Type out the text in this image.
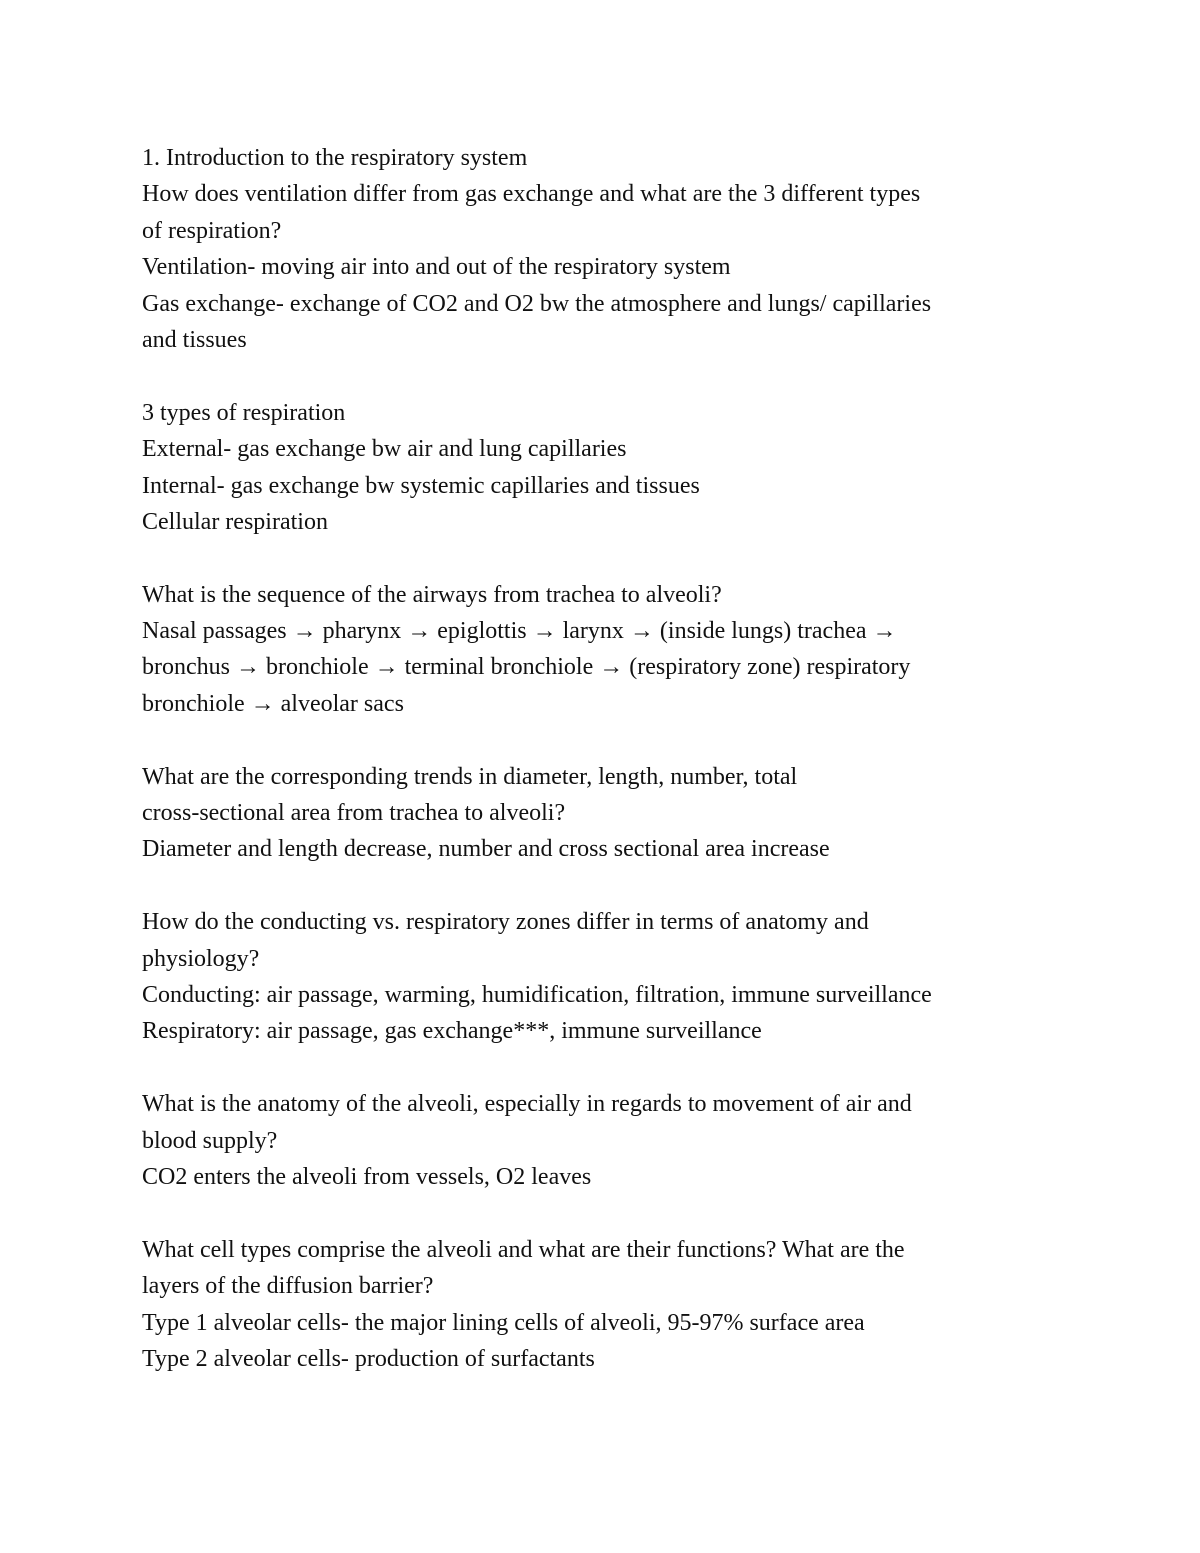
1. Introduction to the respiratory system
How does ventilation differ from gas exchange and what are the 3 different types
of respiration?
Ventilation- moving air into and out of the respiratory system
Gas exchange- exchange of CO2 and O2 bw the atmosphere and lungs/ capillaries
and tissues
3 types of respiration
External- gas exchange bw air and lung capillaries
Internal- gas exchange bw systemic capillaries and tissues
Cellular respiration
What is the sequence of the airways from trachea to alveoli?
Nasal passages → pharynx → epiglottis → larynx → (inside lungs) trachea →
bronchus → bronchiole → terminal bronchiole → (respiratory zone) respiratory
bronchiole → alveolar sacs
What are the corresponding trends in diameter, length, number, total
cross-sectional area from trachea to alveoli?
Diameter and length decrease, number and cross sectional area increase
How do the conducting vs. respiratory zones differ in terms of anatomy and
physiology?
Conducting: air passage, warming, humidification, filtration, immune surveillance
Respiratory: air passage, gas exchange***, immune surveillance
What is the anatomy of the alveoli, especially in regards to movement of air and
blood supply?
CO2 enters the alveoli from vessels, O2 leaves
What cell types comprise the alveoli and what are their functions? What are the
layers of the diffusion barrier?
Type 1 alveolar cells- the major lining cells of alveoli, 95-97% surface area
Type 2 alveolar cells- production of surfactants
